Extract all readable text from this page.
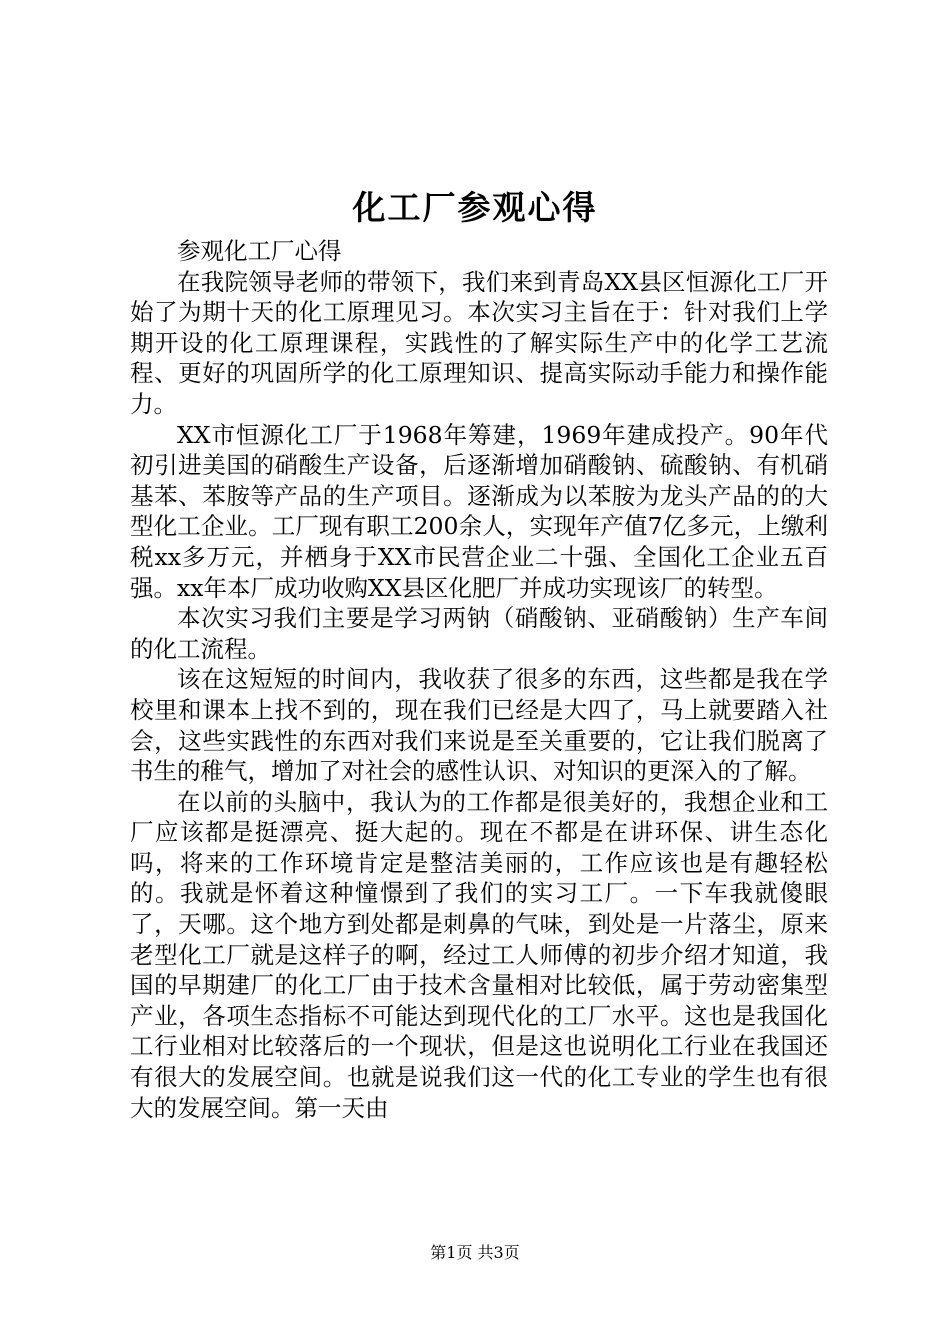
化工厂参观心得

参观化工厂心得

在我院领导老师的带领下，我们来到青岛XX县区恒源化工厂开始了为期十天的化工原理见习。本次实习主旨在于：针对我们上学期开设的化工原理课程，实践性的了解实际生产中的化学工艺流程、更好的巩固所学的化工原理知识、提高实际动手能力和操作能力。

XX市恒源化工厂于1968年筹建，1969年建成投产。90年代初引进美国的硝酸生产设备，后逐渐增加硝酸钠、硫酸钠、有机硝基苯、苯胺等产品的生产项目。逐渐成为以苯胺为龙头产品的的大型化工企业。工厂现有职工200余人，实现年产值7亿多元，上缴利税xx多万元，并栖身于XX市民营企业二十强、全国化工企业五百强。xx年本厂成功收购XX县区化肥厂并成功实现该厂的转型。

本次实习我们主要是学习两钠（硝酸钠、亚硝酸钠）生产车间的化工流程。

该在这短短的时间内，我收获了很多的东西，这些都是我在学校里和课本上找不到的，现在我们已经是大四了，马上就要踏入社会，这些实践性的东西对我们来说是至关重要的，它让我们脱离了书生的稚气，增加了对社会的感性认识、对知识的更深入的了解。

在以前的头脑中，我认为的工作都是很美好的，我想企业和工厂应该都是挺漂亮、挺大起的。现在不都是在讲环保、讲生态化吗，将来的工作环境肯定是整洁美丽的，工作应该也是有趣轻松的。我就是怀着这种憧憬到了我们的实习工厂。一下车我就傻眼了，天哪。这个地方到处都是刺鼻的气味，到处是一片落尘，原来老型化工厂就是这样子的啊，经过工人师傅的初步介绍才知道，我国的早期建厂的化工厂由于技术含量相对比较低，属于劳动密集型产业，各项生态指标不可能达到现代化的工厂水平。这也是我国化工行业相对比较落后的一个现状，但是这也说明化工行业在我国还有很大的发展空间。也就是说我们这一代的化工专业的学生也有很大的发展空间。第一天由

第1页 共3页
